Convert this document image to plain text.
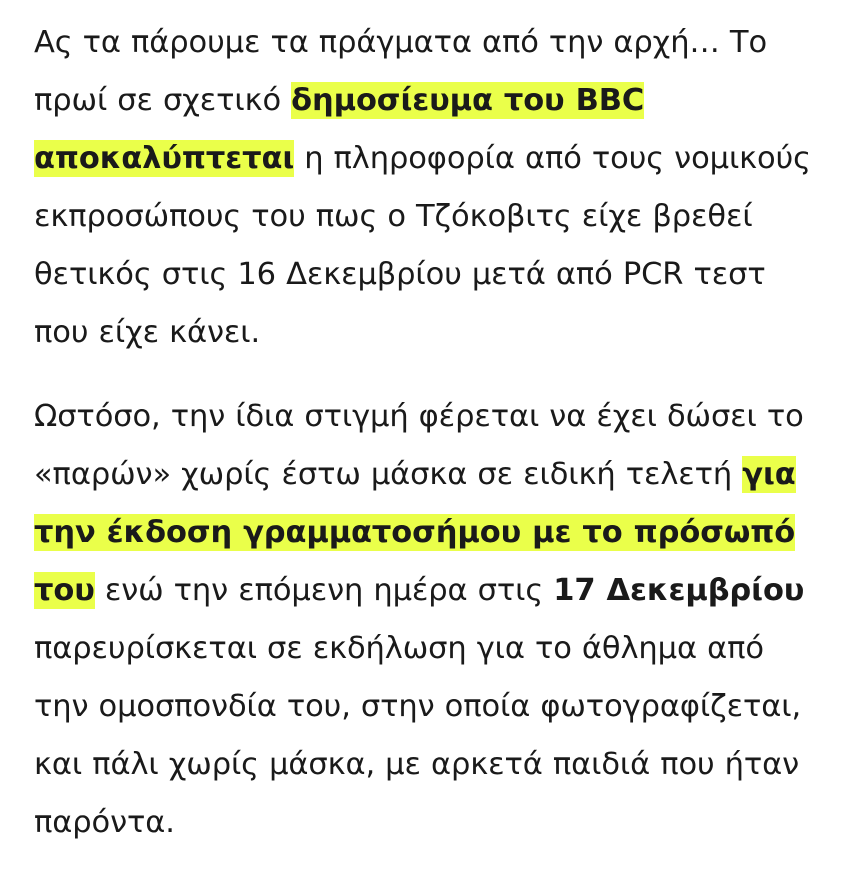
Ας τα πάρουμε τα πράγματα από την αρχή… Το πρωί σε σχετικό δημοσίευμα του BBC αποκαλύπτεται η πληροφορία από τους νομικούς εκπροσώπους του πως ο Τζόκοβιτς είχε βρεθεί θετικός στις 16 Δεκεμβρίου μετά από PCR τεστ που είχε κάνει.

Ωστόσο, την ίδια στιγμή φέρεται να έχει δώσει το «παρών» χωρίς έστω μάσκα σε ειδική τελετή για την έκδοση γραμματοσήμου με το πρόσωπό του ενώ την επόμενη ημέρα στις 17 Δεκεμβρίου παρευρίσκεται σε εκδήλωση για το άθλημα από την ομοσπονδία του, στην οποία φωτογραφίζεται, και πάλι χωρίς μάσκα, με αρκετά παιδιά που ήταν παρόντα.
